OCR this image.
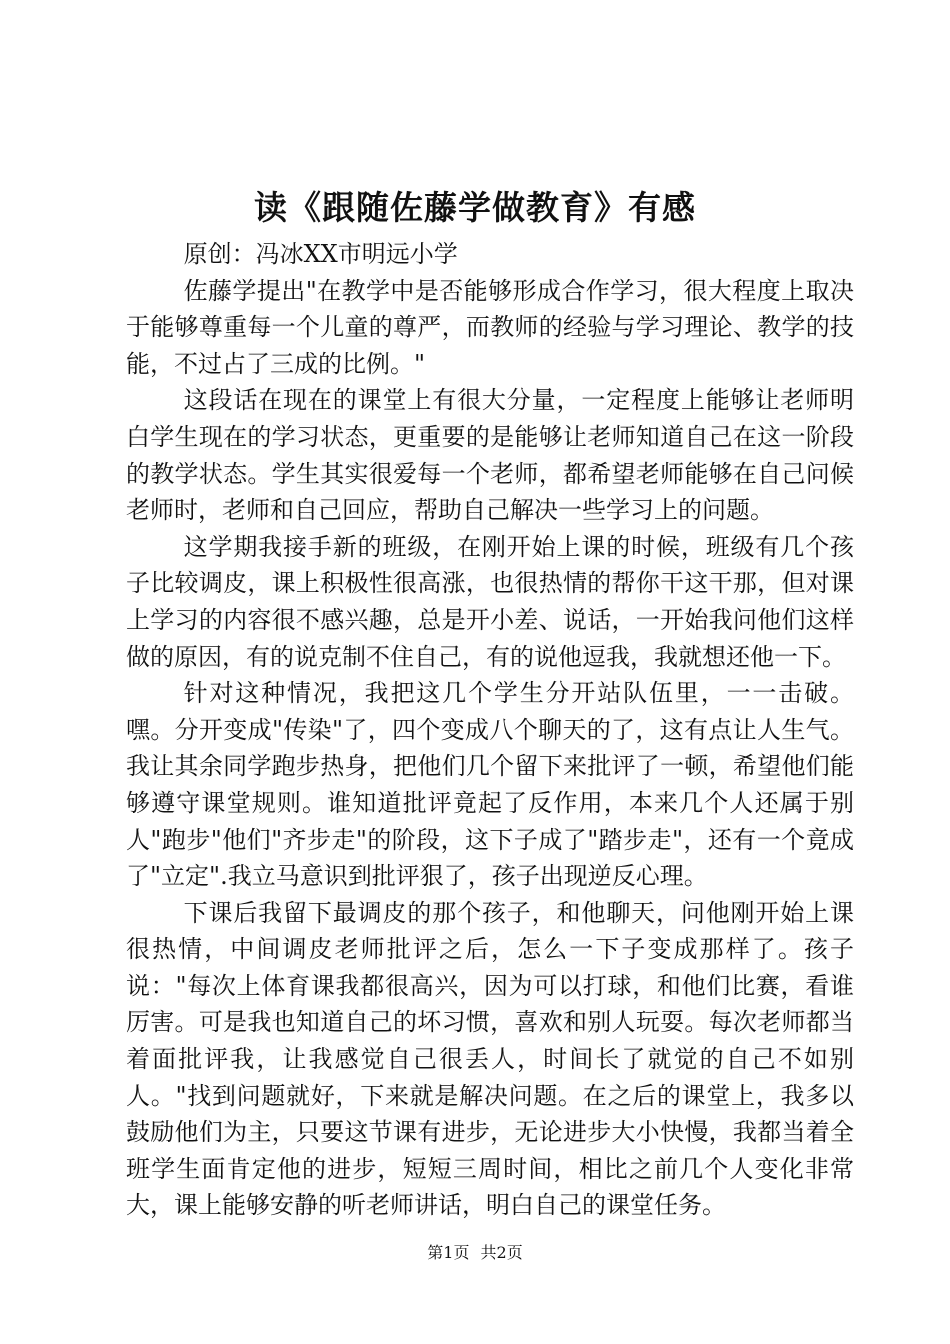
读《跟随佐藤学做教育》有感

原创：冯冰XX市明远小学

佐藤学提出"在教学中是否能够形成合作学习，很大程度上取决于能够尊重每一个儿童的尊严，而教师的经验与学习理论、教学的技能，不过占了三成的比例。"

这段话在现在的课堂上有很大分量，一定程度上能够让老师明白学生现在的学习状态，更重要的是能够让老师知道自己在这一阶段的教学状态。学生其实很爱每一个老师，都希望老师能够在自己问候老师时，老师和自己回应，帮助自己解决一些学习上的问题。

这学期我接手新的班级，在刚开始上课的时候，班级有几个孩子比较调皮，课上积极性很高涨，也很热情的帮你干这干那，但对课上学习的内容很不感兴趣，总是开小差、说话，一开始我问他们这样做的原因，有的说克制不住自己，有的说他逗我，我就想还他一下。

针对这种情况，我把这几个学生分开站队伍里，一一击破。嘿。分开变成"传染"了，四个变成八个聊天的了，这有点让人生气。我让其余同学跑步热身，把他们几个留下来批评了一顿，希望他们能够遵守课堂规则。谁知道批评竟起了反作用，本来几个人还属于别人"跑步"他们"齐步走"的阶段，这下子成了"踏步走"，还有一个竟成了"立定".我立马意识到批评狠了，孩子出现逆反心理。

下课后我留下最调皮的那个孩子，和他聊天，问他刚开始上课很热情，中间调皮老师批评之后，怎么一下子变成那样了。孩子说："每次上体育课我都很高兴，因为可以打球，和他们比赛，看谁厉害。可是我也知道自己的坏习惯，喜欢和别人玩耍。每次老师都当着面批评我，让我感觉自己很丢人，时间长了就觉的自己不如别人。"找到问题就好，下来就是解决问题。在之后的课堂上，我多以鼓励他们为主，只要这节课有进步，无论进步大小快慢，我都当着全班学生面肯定他的进步，短短三周时间，相比之前几个人变化非常大，课上能够安静的听老师讲话，明白自己的课堂任务。

第1页 共2页
